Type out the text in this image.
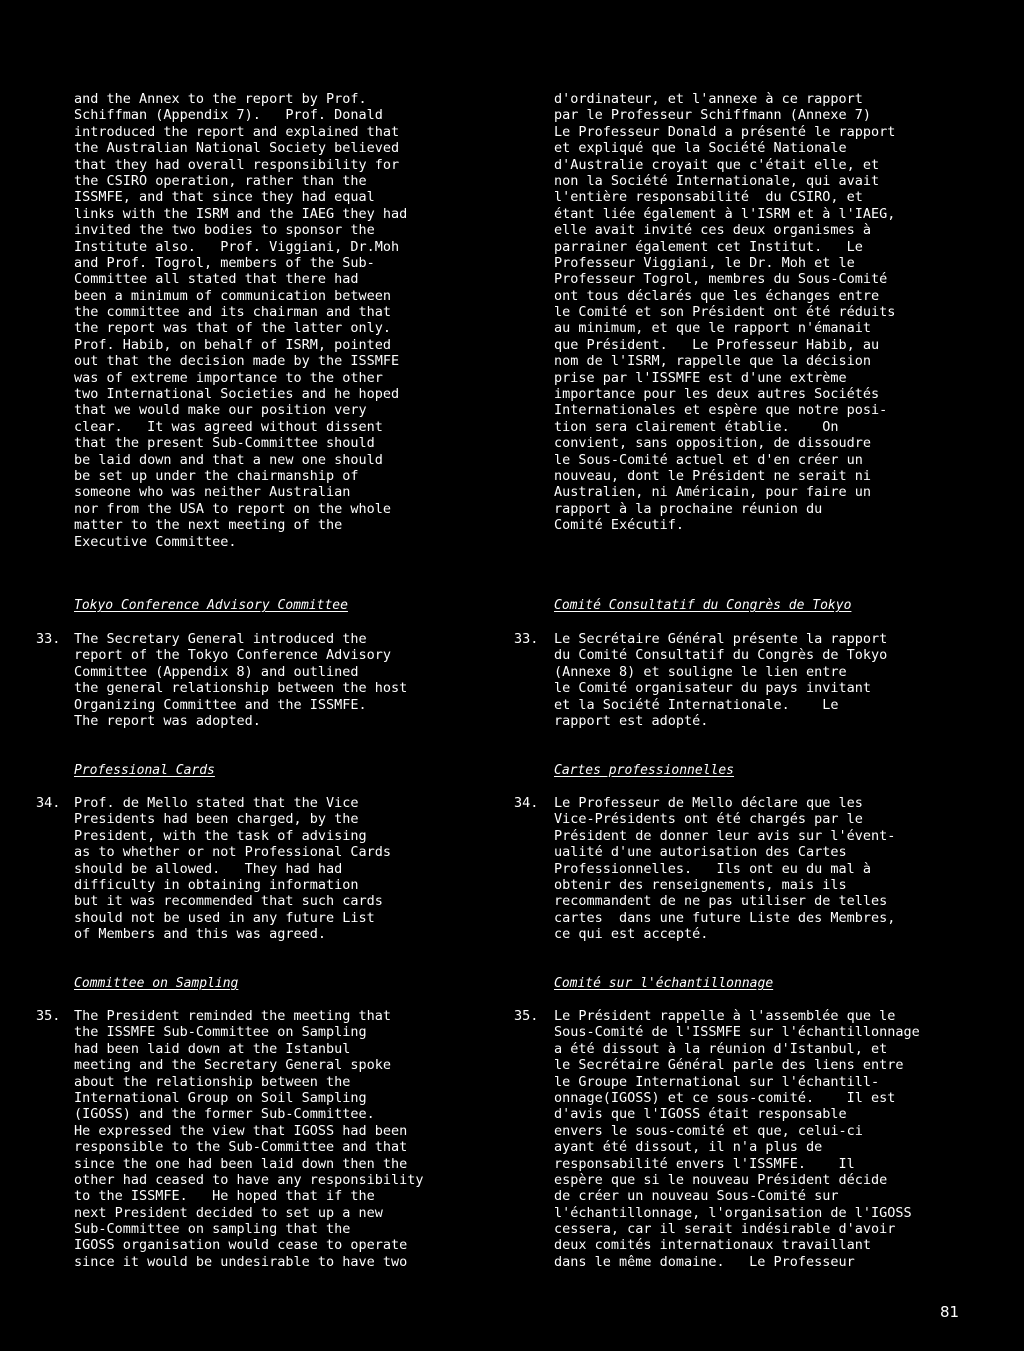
and the Annex to the report by Prof.
Schiffman (Appendix 7).   Prof. Donald
introduced the report and explained that
the Australian National Society believed
that they had overall responsibility for
the CSIRO operation, rather than the
ISSMFE, and that since they had equal
links with the ISRM and the IAEG they had
invited the two bodies to sponsor the
Institute also.   Prof. Viggiani, Dr.Moh
and Prof. Togrol, members of the Sub-
Committee all stated that there had
been a minimum of communication between
the committee and its chairman and that
the report was that of the latter only.
Prof. Habib, on behalf of ISRM, pointed
out that the decision made by the ISSMFE
was of extreme importance to the other
two International Societies and he hoped
that we would make our position very
clear.   It was agreed without dissent
that the present Sub-Committee should
be laid down and that a new one should
be set up under the chairmanship of
someone who was neither Australian
nor from the USA to report on the whole
matter to the next meeting of the
Executive Committee.
d'ordinateur, et l'annexe à ce rapport
par le Professeur Schiffmann (Annexe 7)
Le Professeur Donald a présenté le rapport
et expliqué que la Société Nationale
d'Australie croyait que c'était elle, et
non la Société Internationale, qui avait
l'entière responsabilité  du CSIRO, et
étant liée également à l'ISRM et à l'IAEG,
elle avait invité ces deux organismes à
parrainer également cet Institut.   Le
Professeur Viggiani, le Dr. Moh et le
Professeur Togrol, membres du Sous-Comité
ont tous déclarés que les échanges entre
le Comité et son Président ont été réduits
au minimum, et que le rapport n'émanait
que Président.   Le Professeur Habib, au
nom de l'ISRM, rappelle que la décision
prise par l'ISSMFE est d'une extrème
importance pour les deux autres Sociétés
Internationales et espère que notre posi-
tion sera clairement établie.    On
convient, sans opposition, de dissoudre
le Sous-Comité actuel et d'en créer un
nouveau, dont le Président ne serait ni
Australien, ni Américain, pour faire un
rapport à la prochaine réunion du
Comité Exécutif.
Tokyo Conference Advisory Committee	Comité Consultatif du Congrès de Tokyo
33.	33.
The Secretary General introduced the
report of the Tokyo Conference Advisory
Committee (Appendix 8) and outlined
the general relationship between the host
Organizing Committee and the ISSMFE.
The report was adopted.
Le Secrétaire Général présente la rapport
du Comité Consultatif du Congrès de Tokyo
(Annexe 8) et souligne le lien entre
le Comité organisateur du pays invitant
et la Société Internationale.    Le
rapport est adopté.
Professional Cards	Cartes professionnelles
34.	34.
Prof. de Mello stated that the Vice
Presidents had been charged, by the
President, with the task of advising
as to whether or not Professional Cards
should be allowed.   They had had
difficulty in obtaining information
but it was recommended that such cards
should not be used in any future List
of Members and this was agreed.
Le Professeur de Mello déclare que les
Vice-Présidents ont été chargés par le
Président de donner leur avis sur l'évent-
ualité d'une autorisation des Cartes
Professionnelles.   Ils ont eu du mal à
obtenir des renseignements, mais ils
recommandent de ne pas utiliser de telles
cartes  dans une future Liste des Membres,
ce qui est accepté.
Committee on Sampling	Comité sur l'échantillonnage
35.	35.
The President reminded the meeting that
the ISSMFE Sub-Committee on Sampling
had been laid down at the Istanbul
meeting and the Secretary General spoke
about the relationship between the
International Group on Soil Sampling
(IGOSS) and the former Sub-Committee.
He expressed the view that IGOSS had been
responsible to the Sub-Committee and that
since the one had been laid down then the
other had ceased to have any responsibility
to the ISSMFE.   He hoped that if the
next President decided to set up a new
Sub-Committee on sampling that the
IGOSS organisation would cease to operate
since it would be undesirable to have two
Le Président rappelle à l'assemblée que le
Sous-Comité de l'ISSMFE sur l'échantillonnage
a été dissout à la réunion d'Istanbul, et
le Secrétaire Général parle des liens entre
le Groupe International sur l'échantill-
onnage(IGOSS) et ce sous-comité.    Il est
d'avis que l'IGOSS était responsable
envers le sous-comité et que, celui-ci
ayant été dissout, il n'a plus de
responsabilité envers l'ISSMFE.    Il
espère que si le nouveau Président décide
de créer un nouveau Sous-Comité sur
l'échantillonnage, l'organisation de l'IGOSS
cessera, car il serait indésirable d'avoir
deux comités internationaux travaillant
dans le même domaine.   Le Professeur
81
